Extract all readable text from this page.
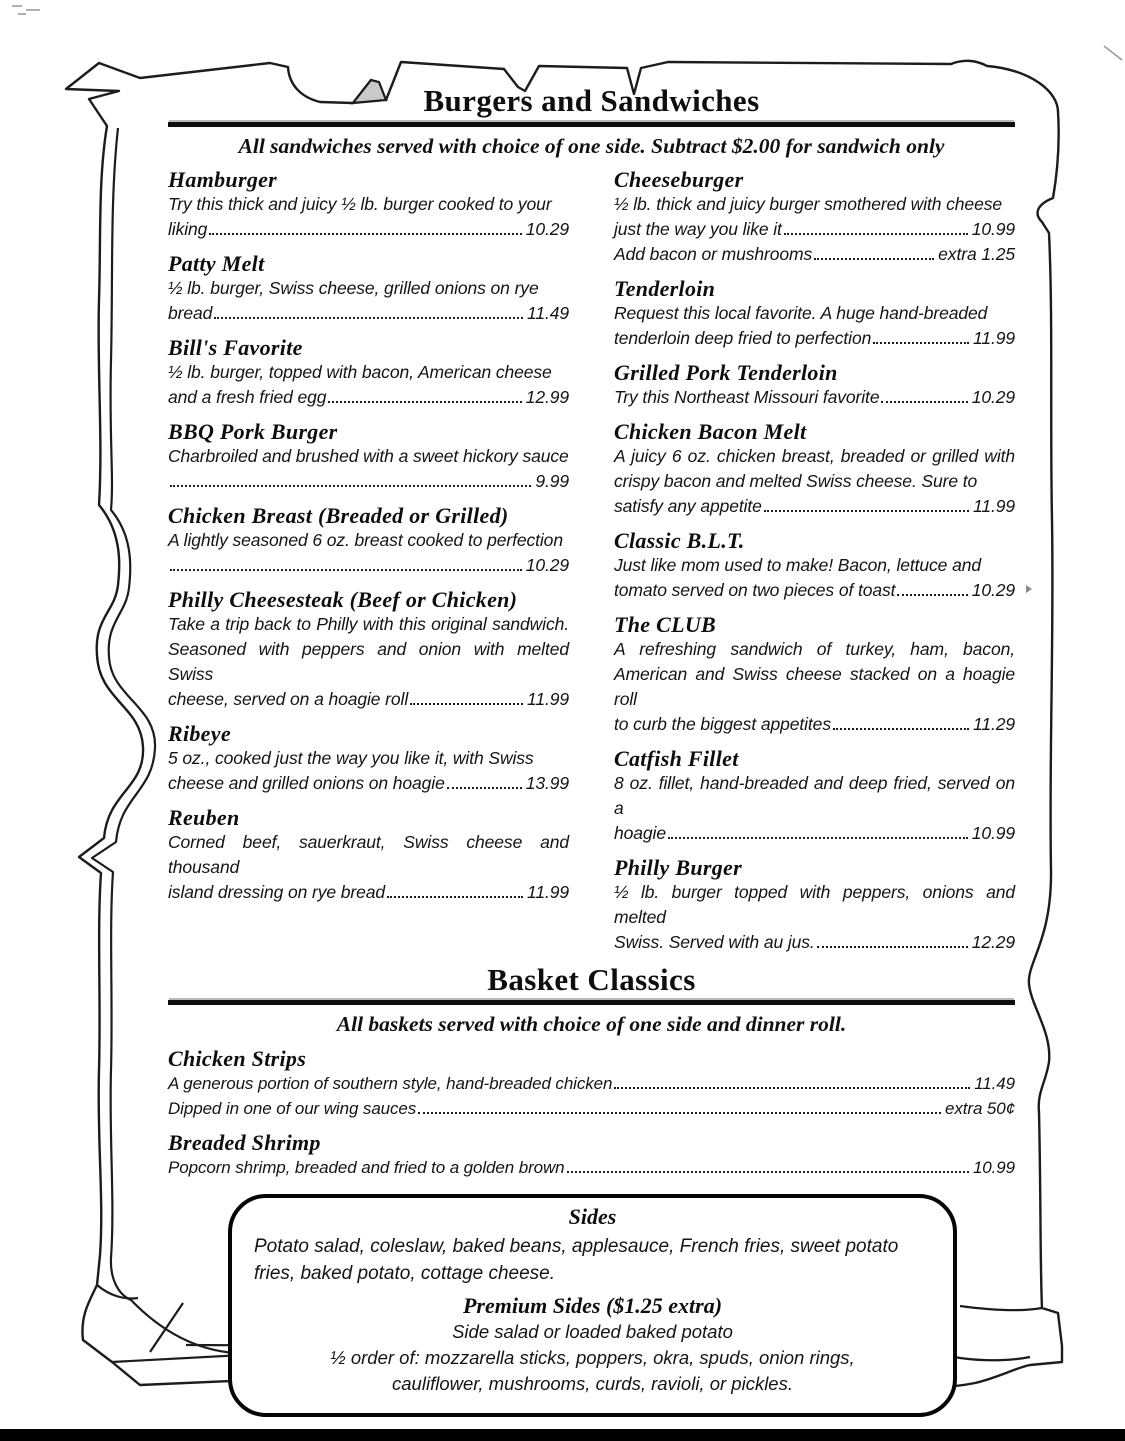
Burgers and Sandwiches
All sandwiches served with choice of one side. Subtract $2.00 for sandwich only
Hamburger
Try this thick and juicy ½ lb. burger cooked to your
liking	10.29
Patty Melt
½ lb. burger, Swiss cheese, grilled onions on rye
bread	11.49
Bill's Favorite
½ lb. burger, topped with bacon, American cheese
and a fresh fried egg	12.99
BBQ Pork Burger
Charbroiled and brushed with a sweet hickory sauce
9.99
Chicken Breast (Breaded or Grilled)
A lightly seasoned 6 oz. breast cooked to perfection
10.29
Philly Cheesesteak (Beef or Chicken)
Take a trip back to Philly with this original sandwich. Seasoned with peppers and onion with melted Swiss
cheese, served on a hoagie roll	11.99
Ribeye
5 oz., cooked just the way you like it, with Swiss
cheese and grilled onions on hoagie	13.99
Reuben
Corned beef, sauerkraut, Swiss cheese and thousand
island dressing on rye bread	11.99
Cheeseburger
½ lb. thick and juicy burger smothered with cheese
just the way you like it	10.99
Add bacon or mushrooms	extra 1.25
Tenderloin
Request this local favorite. A huge hand-breaded
tenderloin deep fried to perfection	11.99
Grilled Pork Tenderloin
Try this Northeast Missouri favorite	10.29
Chicken Bacon Melt
A juicy 6 oz. chicken breast, breaded or grilled with crispy bacon and melted Swiss cheese. Sure to
satisfy any appetite	11.99
Classic B.L.T.
Just like mom used to make! Bacon, lettuce and
tomato served on two pieces of toast	10.29
The CLUB
A refreshing sandwich of turkey, ham, bacon, American and Swiss cheese stacked on a hoagie roll
to curb the biggest appetites	11.29
Catfish Fillet
8 oz. fillet, hand-breaded and deep fried, served on a
hoagie	10.99
Philly Burger
½ lb. burger topped with peppers, onions and melted
Swiss. Served with au jus.	12.29
Basket Classics
All baskets served with choice of one side and dinner roll.
Chicken Strips
A generous portion of southern style, hand-breaded chicken	11.49
Dipped in one of our wing sauces	extra 50¢
Breaded Shrimp
Popcorn shrimp, breaded and fried to a golden brown	10.99
Sides
Potato salad, coleslaw, baked beans, applesauce, French fries, sweet potato fries, baked potato, cottage cheese.
Premium Sides ($1.25 extra)
Side salad or loaded baked potato
½ order of: mozzarella sticks, poppers, okra, spuds, onion rings,
cauliflower, mushrooms, curds, ravioli, or pickles.
